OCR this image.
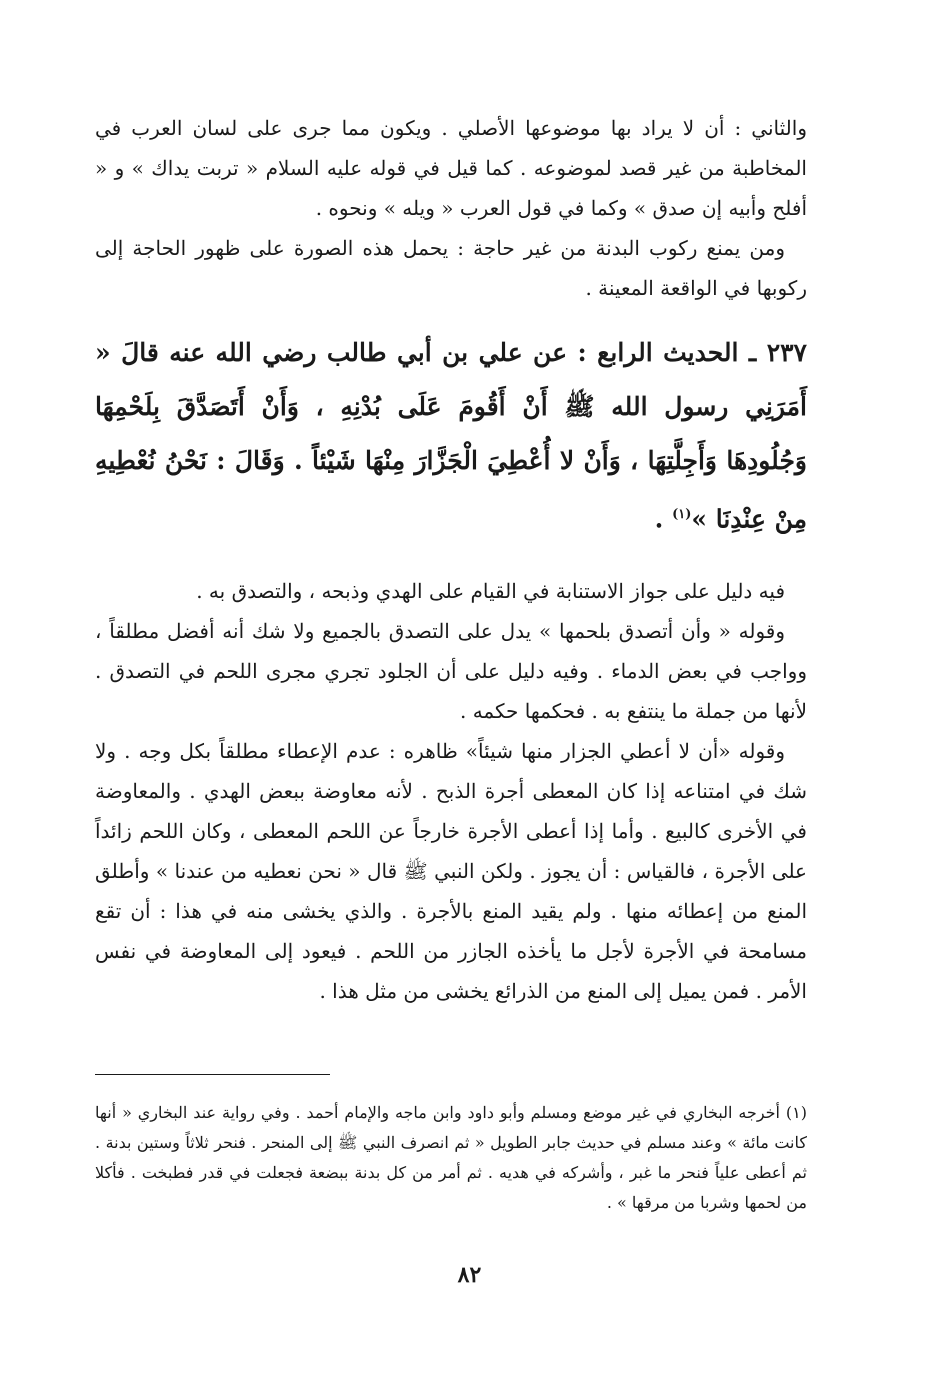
والثاني : أن لا يراد بها موضوعها الأصلي . ويكون مما جرى على لسان العرب في المخاطبة من غير قصد لموضوعه . كما قيل في قوله عليه السلام « تربت يداك » و « أفلح وأبيه إن صدق » وكما في قول العرب « ويله » ونحوه .

ومن يمنع ركوب البدنة من غير حاجة : يحمل هذه الصورة على ظهور الحاجة إلى ركوبها في الواقعة المعينة .

٢٣٧ ـ الحديث الرابع : عن علي بن أبي طالب رضي الله عنه قالَ « أَمَرَنِي رسول الله ﷺ أَنْ أَقُومَ عَلَى بُدْنِهِ ، وَأَنْ أَتَصَدَّقَ بِلَحْمِهَا وَجُلُودِهَا وَأَجِلَّتِهَا ، وَأَنْ لا أُعْطِيَ الْجَزَّارَ مِنْهَا شَيْئاً . وَقَالَ : نَحْنُ نُعْطِيهِ مِنْ عِنْدِنَا »$^{(١)}$ .

فيه دليل على جواز الاستنابة في القيام على الهدي وذبحه ، والتصدق به .

وقوله « وأن أتصدق بلحمها » يدل على التصدق بالجميع ولا شك أنه أفضل مطلقاً ، وواجب في بعض الدماء . وفيه دليل على أن الجلود تجري مجرى اللحم في التصدق . لأنها من جملة ما ينتفع به . فحكمها حكمه .

وقوله «أن لا أعطي الجزار منها شيئاً» ظاهره : عدم الإعطاء مطلقاً بكل وجه . ولا شك في امتناعه إذا كان المعطى أجرة الذبح . لأنه معاوضة ببعض الهدي . والمعاوضة في الأخرى كالبيع . وأما إذا أعطى الأجرة خارجاً عن اللحم المعطى ، وكان اللحم زائداً على الأجرة ، فالقياس : أن يجوز . ولكن النبي ﷺ قال « نحن نعطيه من عندنا » وأطلق المنع من إعطائه منها . ولم يقيد المنع بالأجرة . والذي يخشى منه في هذا : أن تقع مسامحة في الأجرة لأجل ما يأخذه الجازر من اللحم . فيعود إلى المعاوضة في نفس الأمر . فمن يميل إلى المنع من الذرائع يخشى من مثل هذا .

(١) أخرجه البخاري في غير موضع ومسلم وأبو داود وابن ماجه والإمام أحمد . وفي رواية عند البخاري « أنها كانت مائة » وعند مسلم في حديث جابر الطويل « ثم انصرف النبي ﷺ إلى المنحر . فنحر ثلاثاً وستين بدنة . ثم أعطى علياً فنحر ما غبر ، وأشركه في هديه . ثم أمر من كل بدنة ببضعة فجعلت في قدر فطبخت . فأكلا من لحمها وشربا من مرقها » .

٨٢
